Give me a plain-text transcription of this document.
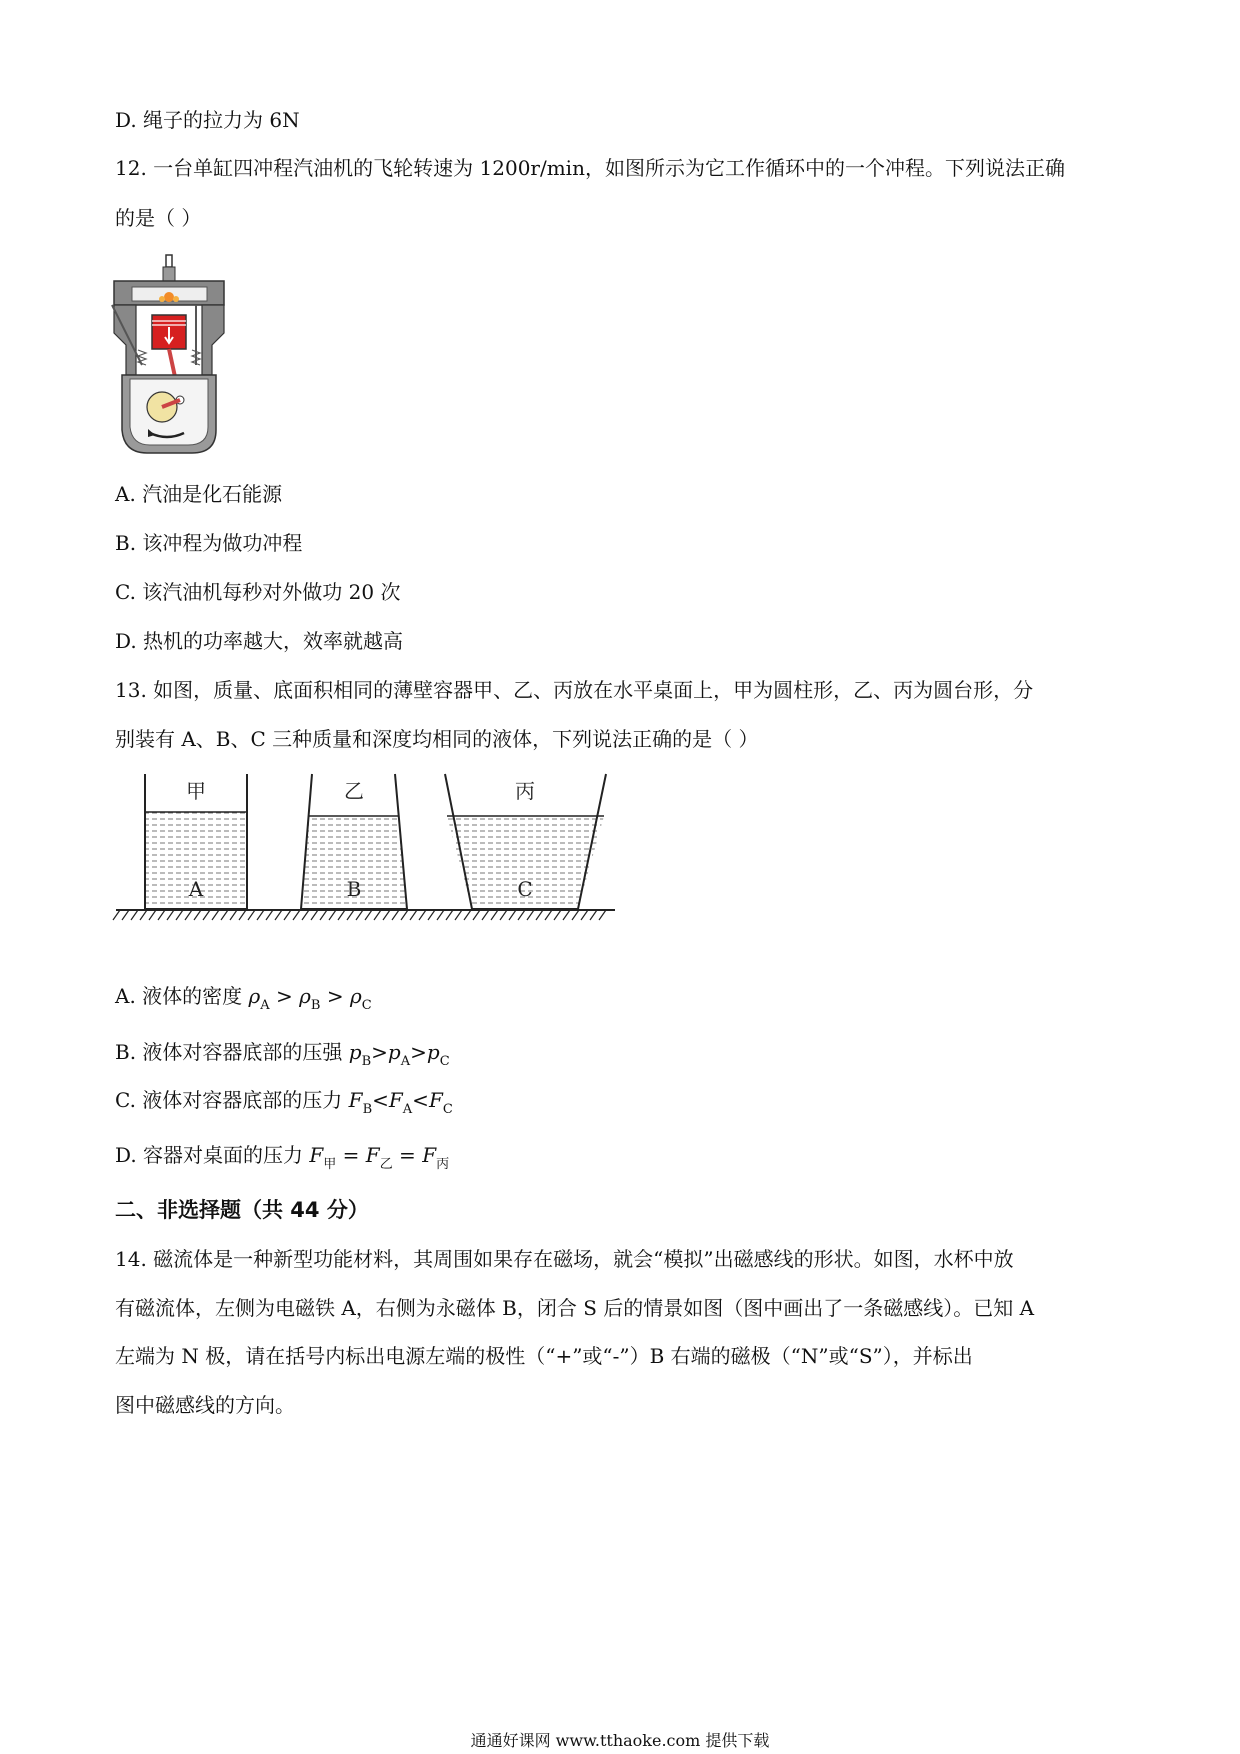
D. 绳子的拉力为 6N
12. 一台单缸四冲程汽油机的飞轮转速为 1200r/min，如图所示为它工作循环中的一个冲程。下列说法正确
的是（ ）
A. 汽油是化石能源
B. 该冲程为做功冲程
C. 该汽油机每秒对外做功 20 次
D. 热机的功率越大，效率就越高
13. 如图，质量、底面积相同的薄壁容器甲、乙、丙放在水平桌面上，甲为圆柱形，乙、丙为圆台形，分
别装有 A、B、C 三种质量和深度均相同的液体，下列说法正确的是（ ）
甲	乙	丙
A	B	C
A. 液体的密度 $\rho_A > \rho_B > \rho_C$
B. 液体对容器底部的压强 $p_B>p_A>p_C$
C. 液体对容器底部的压力 $F_B<F_A<F_C$
D. 容器对桌面的压力 $F_甲 = F_乙 = F_丙$
二、非选择题（共 44 分）
14. 磁流体是一种新型功能材料，其周围如果存在磁场，就会“模拟”出磁感线的形状。如图，水杯中放
有磁流体，左侧为电磁铁 A，右侧为永磁体 B，闭合 S 后的情景如图（图中画出了一条磁感线）。已知 A
左端为 N 极，请在括号内标出电源左端的极性（“+”或“-”）B 右端的磁极（“N”或“S”），并标出
图中磁感线的方向。
通通好课网 www.tthaoke.com 提供下载
